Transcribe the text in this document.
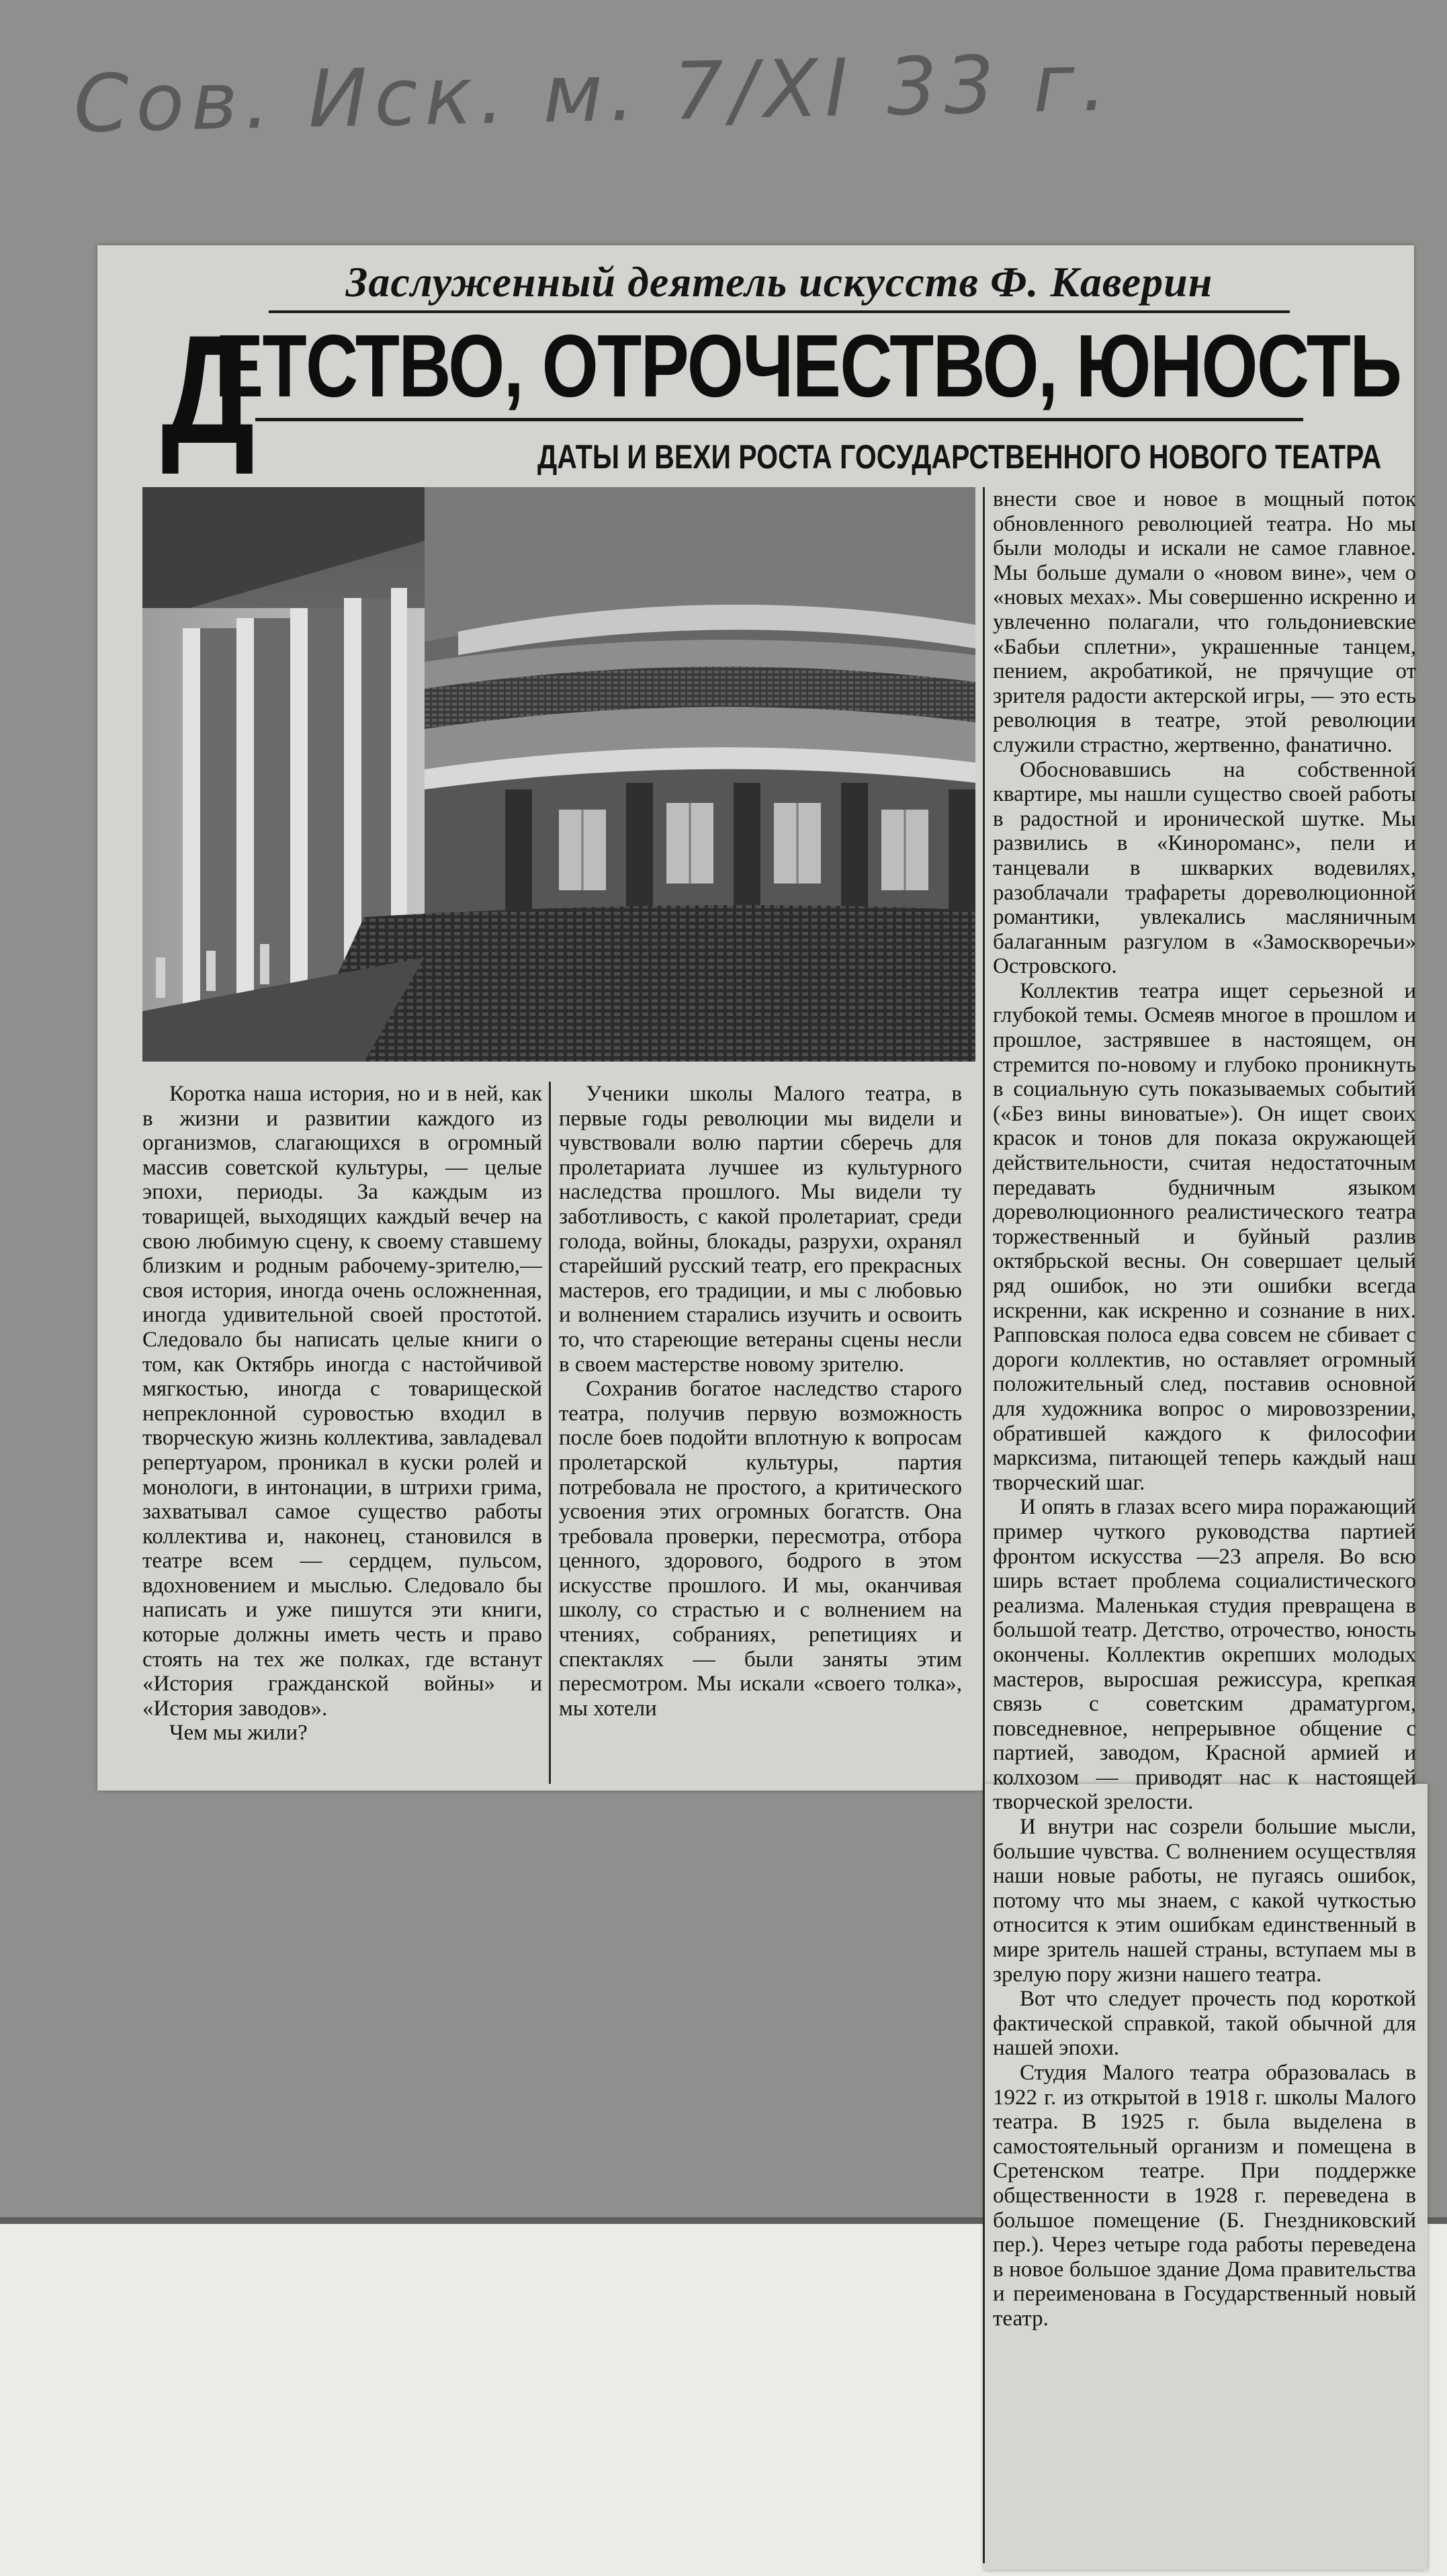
Сов. Иск. м. 7/XI 33 г.
Заслуженный деятель искусств Ф. Каверин
Д
ЕТСТВО, ОТРОЧЕСТВО, ЮНОСТЬ
ДАТЫ И ВЕХИ РОСТА ГОСУДАРСТВЕННОГО НОВОГО ТЕАТРА

Коротка наша история, но и в ней, как в жизни и развитии каждого из организмов, слагающихся в огромный массив советской культуры, — целые эпохи, периоды. За каждым из товарищей, выходящих каждый вечер на свою любимую сцену, к своему ставшему близким и родным рабочему-зрителю,—своя история, иногда очень осложненная, иногда удивительной своей простотой. Следовало бы написать целые книги о том, как Октябрь иногда с настойчивой мягкостью, иногда с товарищеской непреклонной суровостью входил в творческую жизнь коллектива, завладевал репертуаром, проникал в куски ролей и монологи, в интонации, в штрихи грима, захватывал самое существо работы коллектива и, наконец, становился в театре всем — сердцем, пульсом, вдохновением и мыслью. Следовало бы написать и уже пишутся эти книги, которые должны иметь честь и право стоять на тех же полках, где встанут «История гражданской войны» и «История заводов».

Чем мы жили?

Ученики школы Малого театра, в первые годы революции мы видели и чувствовали волю партии сберечь для пролетариата лучшее из культурного наследства прошлого. Мы видели ту заботливость, с какой пролетариат, среди голода, войны, блокады, разрухи, охранял старейший русский театр, его прекрасных мастеров, его традиции, и мы с любовью и волнением старались изучить и освоить то, что стареющие ветераны сцены несли в своем мастерстве новому зрителю.

Сохранив богатое наследство старого театра, получив первую возможность после боев подойти вплотную к вопросам пролетарской культуры, партия потребовала не простого, а критического усвоения этих огромных богатств. Она требовала проверки, пересмотра, отбора ценного, здорового, бодрого в этом искусстве прошлого. И мы, оканчивая школу, со страстью и с волнением на чтениях, собраниях, репетициях и спектаклях — были заняты этим пересмотром. Мы искали «своего толка», мы хотели

внести свое и новое в мощный поток обновленного революцией театра. Но мы были молоды и искали не самое главное. Мы больше думали о «новом вине», чем о «новых мехах». Мы совершенно искренно и увлеченно полагали, что гольдониевские «Бабьи сплетни», украшенные танцем, пением, акробатикой, не прячущие от зрителя радости актерской игры, — это есть революция в театре, этой революции служили страстно, жертвенно, фанатично.

Обосновавшись на собственной квартире, мы нашли существо своей работы в радостной и иронической шутке. Мы развились в «Кинороманс», пели и танцевали в шкварких водевилях, разоблачали трафареты дореволюционной романтики, увлекались масляничным балаганным разгулом в «Замоскворечьи» Островского.

Коллектив театра ищет серьезной и глубокой темы. Осмеяв многое в прошлом и прошлое, застрявшее в настоящем, он стремится по-новому и глубоко проникнуть в социальную суть показываемых событий («Без вины виноватые»). Он ищет своих красок и тонов для показа окружающей действительности, считая недостаточным передавать будничным языком дореволюционного реалистического театра торжественный и буйный разлив октябрьской весны. Он совершает целый ряд ошибок, но эти ошибки всегда искренни, как искренно и сознание в них. Рапповская полоса едва совсем не сбивает с дороги коллектив, но оставляет огромный положительный след, поставив основной для художника вопрос о мировоззрении, обратившей каждого к философии марксизма, питающей теперь каждый наш творческий шаг.

И опять в глазах всего мира поражающий пример чуткого руководства партией фронтом искусства —23 апреля. Во всю ширь встает проблема социалистического реализма. Маленькая студия превращена в большой театр. Детство, отрочество, юность окончены. Коллектив окрепших молодых мастеров, выросшая режиссура, крепкая связь с советским драматургом, повседневное, непрерывное общение с партией, заводом, Красной армией и колхозом — приводят нас к настоящей творческой зрелости.

И внутри нас созрели большие мысли, большие чувства. С волнением осуществляя наши новые работы, не пугаясь ошибок, потому что мы знаем, с какой чуткостью относится к этим ошибкам единственный в мире зритель нашей страны, вступаем мы в зрелую пору жизни нашего театра.

Вот что следует прочесть под короткой фактической справкой, такой обычной для нашей эпохи.

Студия Малого театра образовалась в 1922 г. из открытой в 1918 г. школы Малого театра. В 1925 г. была выделена в самостоятельный организм и помещена в Сретенском театре. При поддержке общественности в 1928 г. переведена в большое помещение (Б. Гнездниковский пер.). Через четыре года работы переведена в новое большое здание Дома правительства и переименована в Государственный новый театр.
